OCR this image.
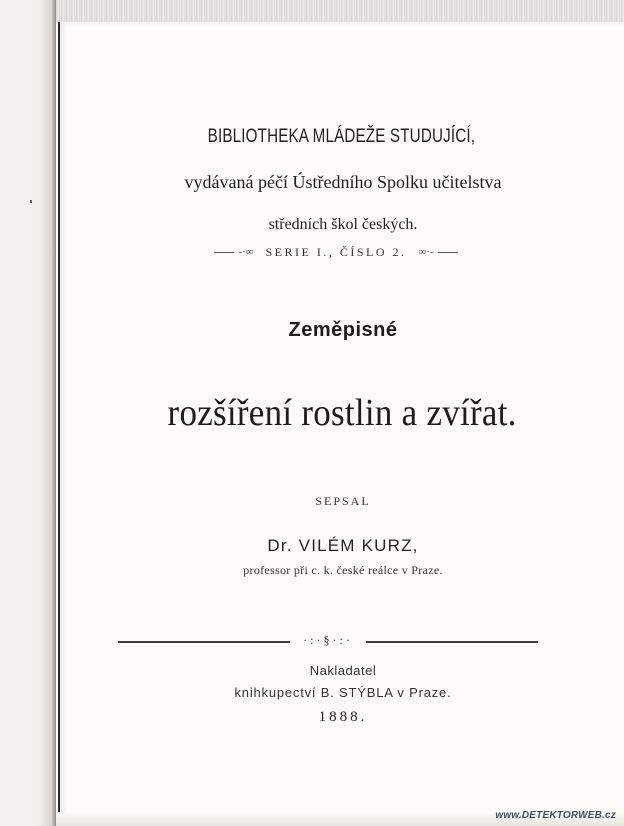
BIBLIOTHEKA MLÁDEŽE STUDUJÍCÍ,
vydávaná péčí Ústředního Spolku učitelstva
středních škol českých.
-·∞ SERIE I., ČÍSLO 2. ∞·-
Zeměpisné
rozšíření rostlin a zvířat.
SEPSAL
Dr. VILÉM KURZ,
professor při c. k. české reálce v Praze.
·:·§·:·
Nakladatel
knihkupectví B. STÝBLA v Praze.
1888.
www.DETEKTORWEB.cz
